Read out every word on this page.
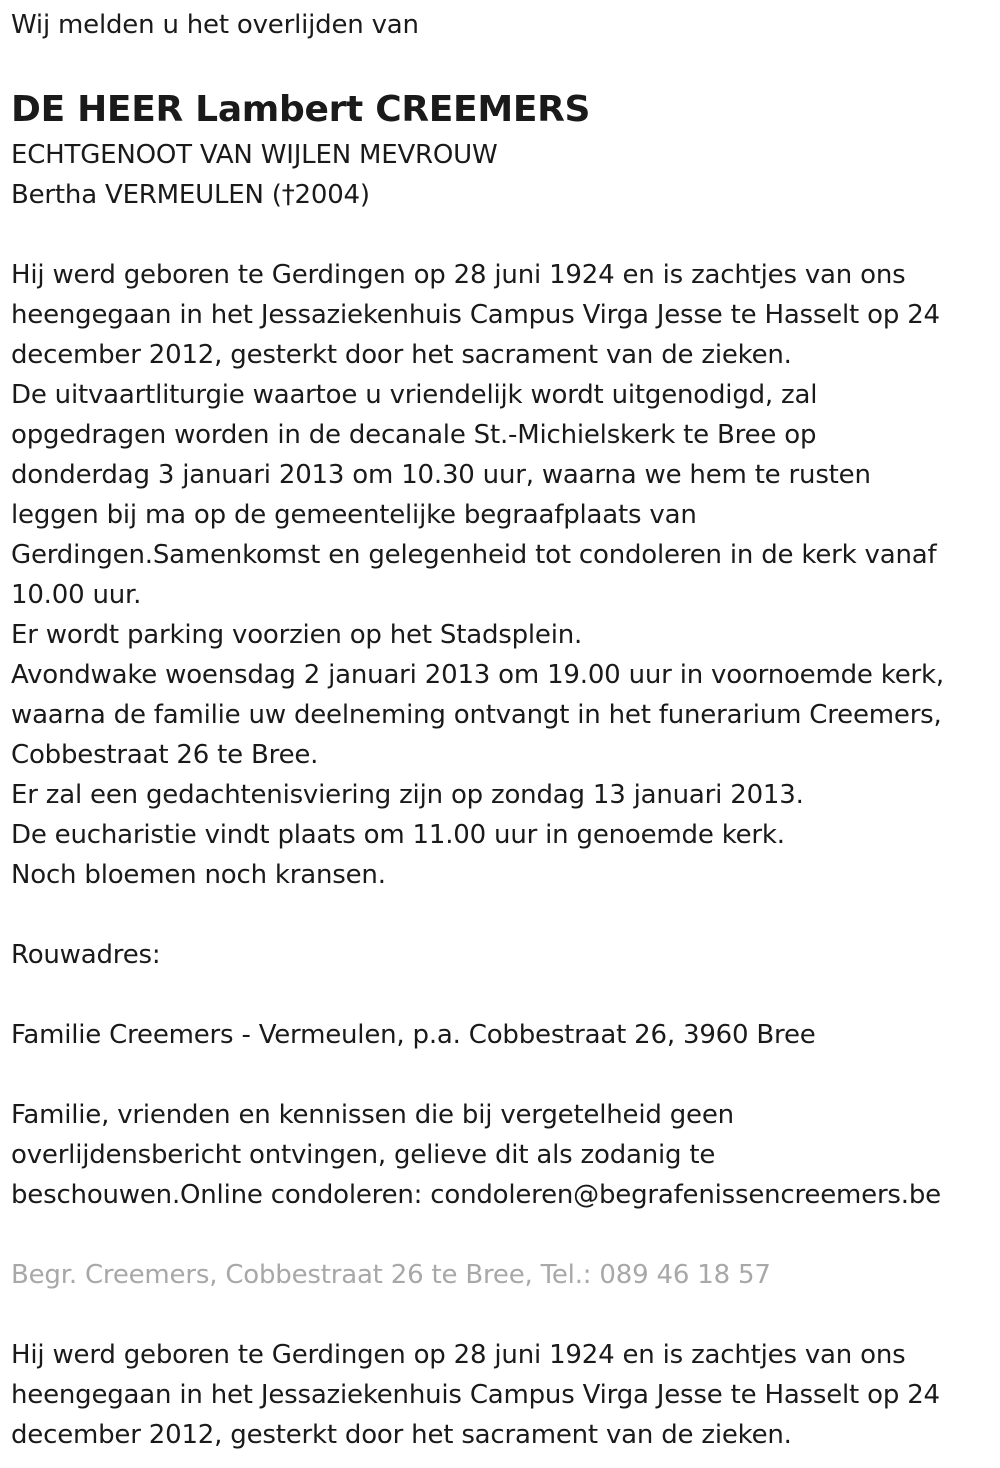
Wij melden u het overlijden van
DE HEER Lambert CREEMERS
ECHTGENOOT VAN WIJLEN MEVROUW
Bertha VERMEULEN (†2004)
Hij werd geboren te Gerdingen op 28 juni 1924 en is zachtjes van ons
heengegaan in het Jessaziekenhuis Campus Virga Jesse te Hasselt op 24
december 2012, gesterkt door het sacrament van de zieken.
De uitvaartliturgie waartoe u vriendelijk wordt uitgenodigd, zal
opgedragen worden in de decanale St.-Michielskerk te Bree op
donderdag 3 januari 2013 om 10.30 uur, waarna we hem te rusten
leggen bij ma op de gemeentelijke begraafplaats van
Gerdingen.Samenkomst en gelegenheid tot condoleren in de kerk vanaf
10.00 uur.
Er wordt parking voorzien op het Stadsplein.
Avondwake woensdag 2 januari 2013 om 19.00 uur in voornoemde kerk,
waarna de familie uw deelneming ontvangt in het funerarium Creemers,
Cobbestraat 26 te Bree.
Er zal een gedachtenisviering zijn op zondag 13 januari 2013.
De eucharistie vindt plaats om 11.00 uur in genoemde kerk.
Noch bloemen noch kransen.
Rouwadres:
Familie Creemers - Vermeulen, p.a. Cobbestraat 26, 3960 Bree
Familie, vrienden en kennissen die bij vergetelheid geen
overlijdensbericht ontvingen, gelieve dit als zodanig te
beschouwen.Online condoleren: condoleren@begrafenissencreemers.be
Begr. Creemers, Cobbestraat 26 te Bree, Tel.: 089 46 18 57
Hij werd geboren te Gerdingen op 28 juni 1924 en is zachtjes van ons
heengegaan in het Jessaziekenhuis Campus Virga Jesse te Hasselt op 24
december 2012, gesterkt door het sacrament van de zieken.
